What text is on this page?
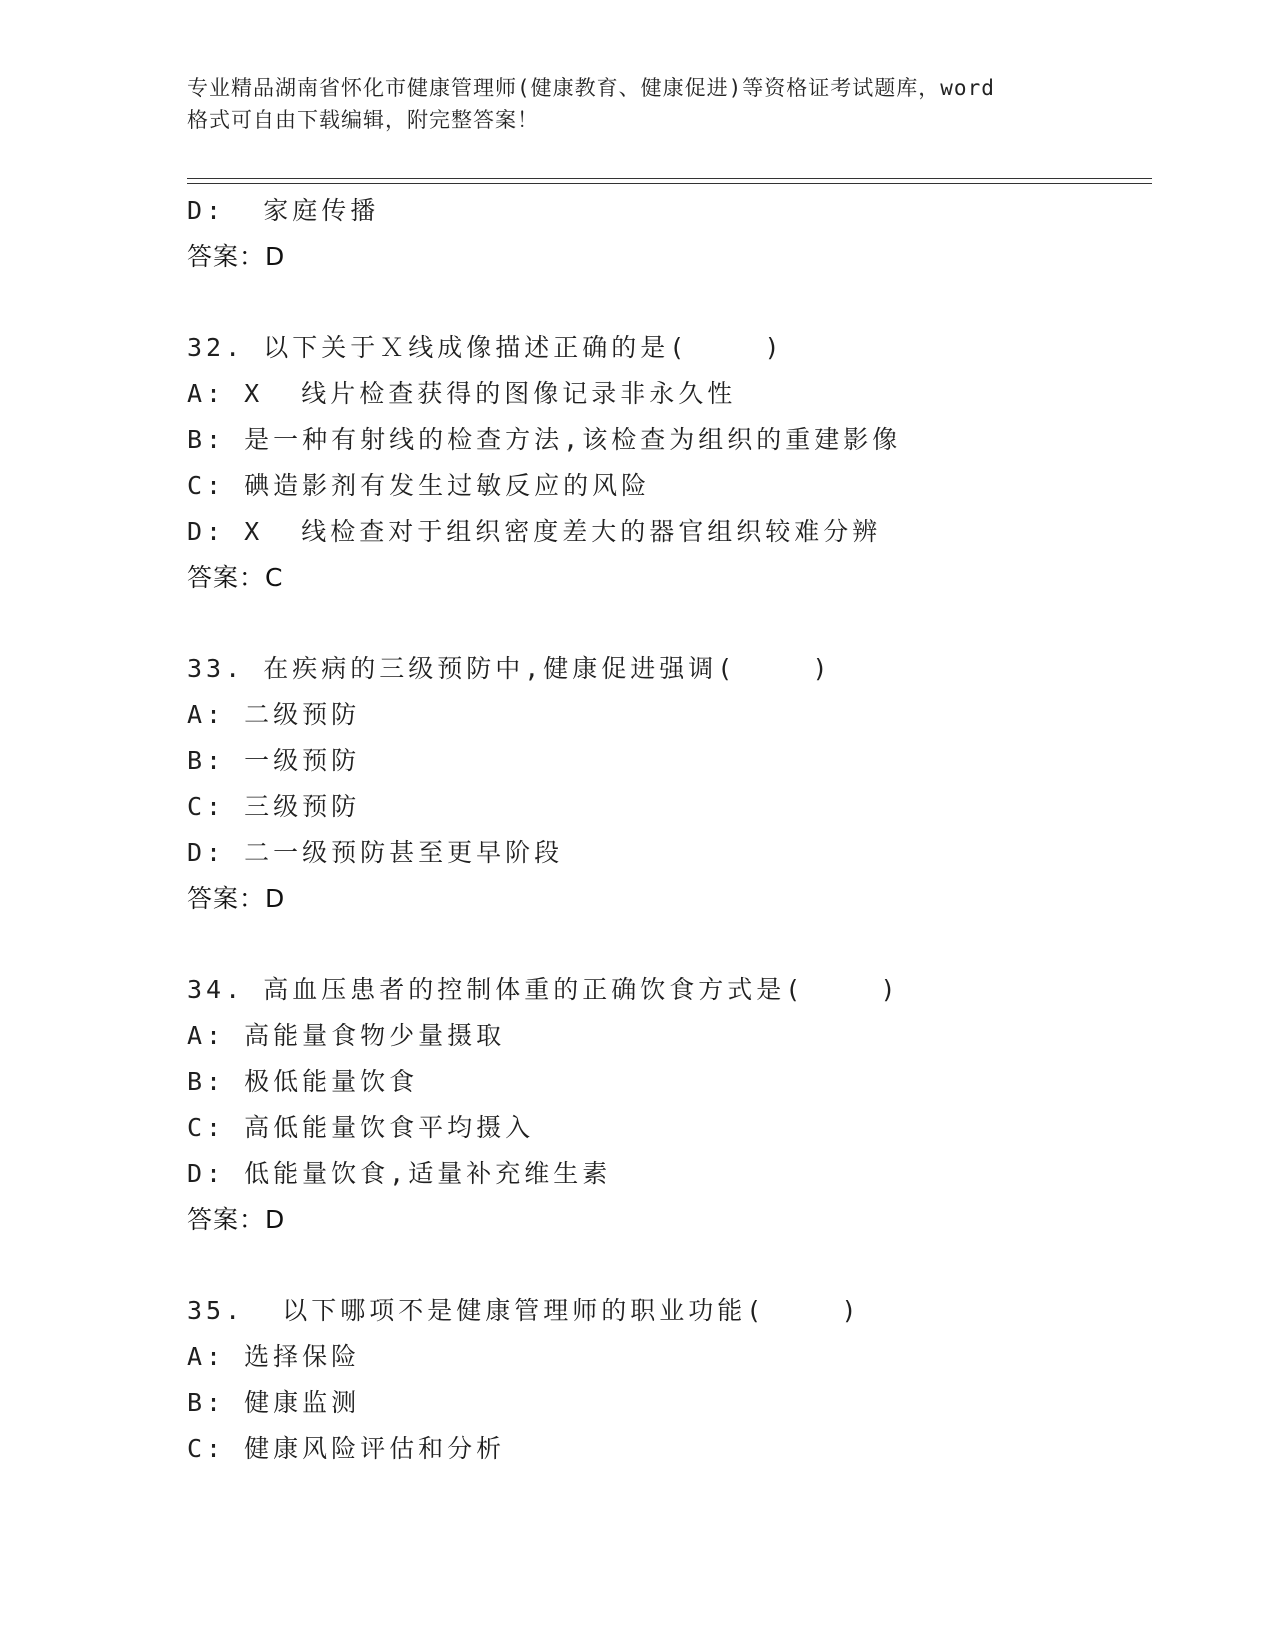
专业精品湖南省怀化市健康管理师(健康教育、健康促进)等资格证考试题库，word
格式可自由下载编辑，附完整答案！
D:  家庭传播
答案：D
32. 以下关于Ｘ线成像描述正确的是(    )
A: X  线片检查获得的图像记录非永久性
B: 是一种有射线的检查方法,该检查为组织的重建影像
C: 碘造影剂有发生过敏反应的风险
D: X  线检查对于组织密度差大的器官组织较难分辨
答案：C
33. 在疾病的三级预防中,健康促进强调(    )
A: 二级预防
B: 一级预防
C: 三级预防
D: 二一级预防甚至更早阶段
答案：D
34. 高血压患者的控制体重的正确饮食方式是(    )
A: 高能量食物少量摄取
B: 极低能量饮食
C: 高低能量饮食平均摄入
D: 低能量饮食,适量补充维生素
答案：D
35.  以下哪项不是健康管理师的职业功能(    )
A: 选择保险
B: 健康监测
C: 健康风险评估和分析
